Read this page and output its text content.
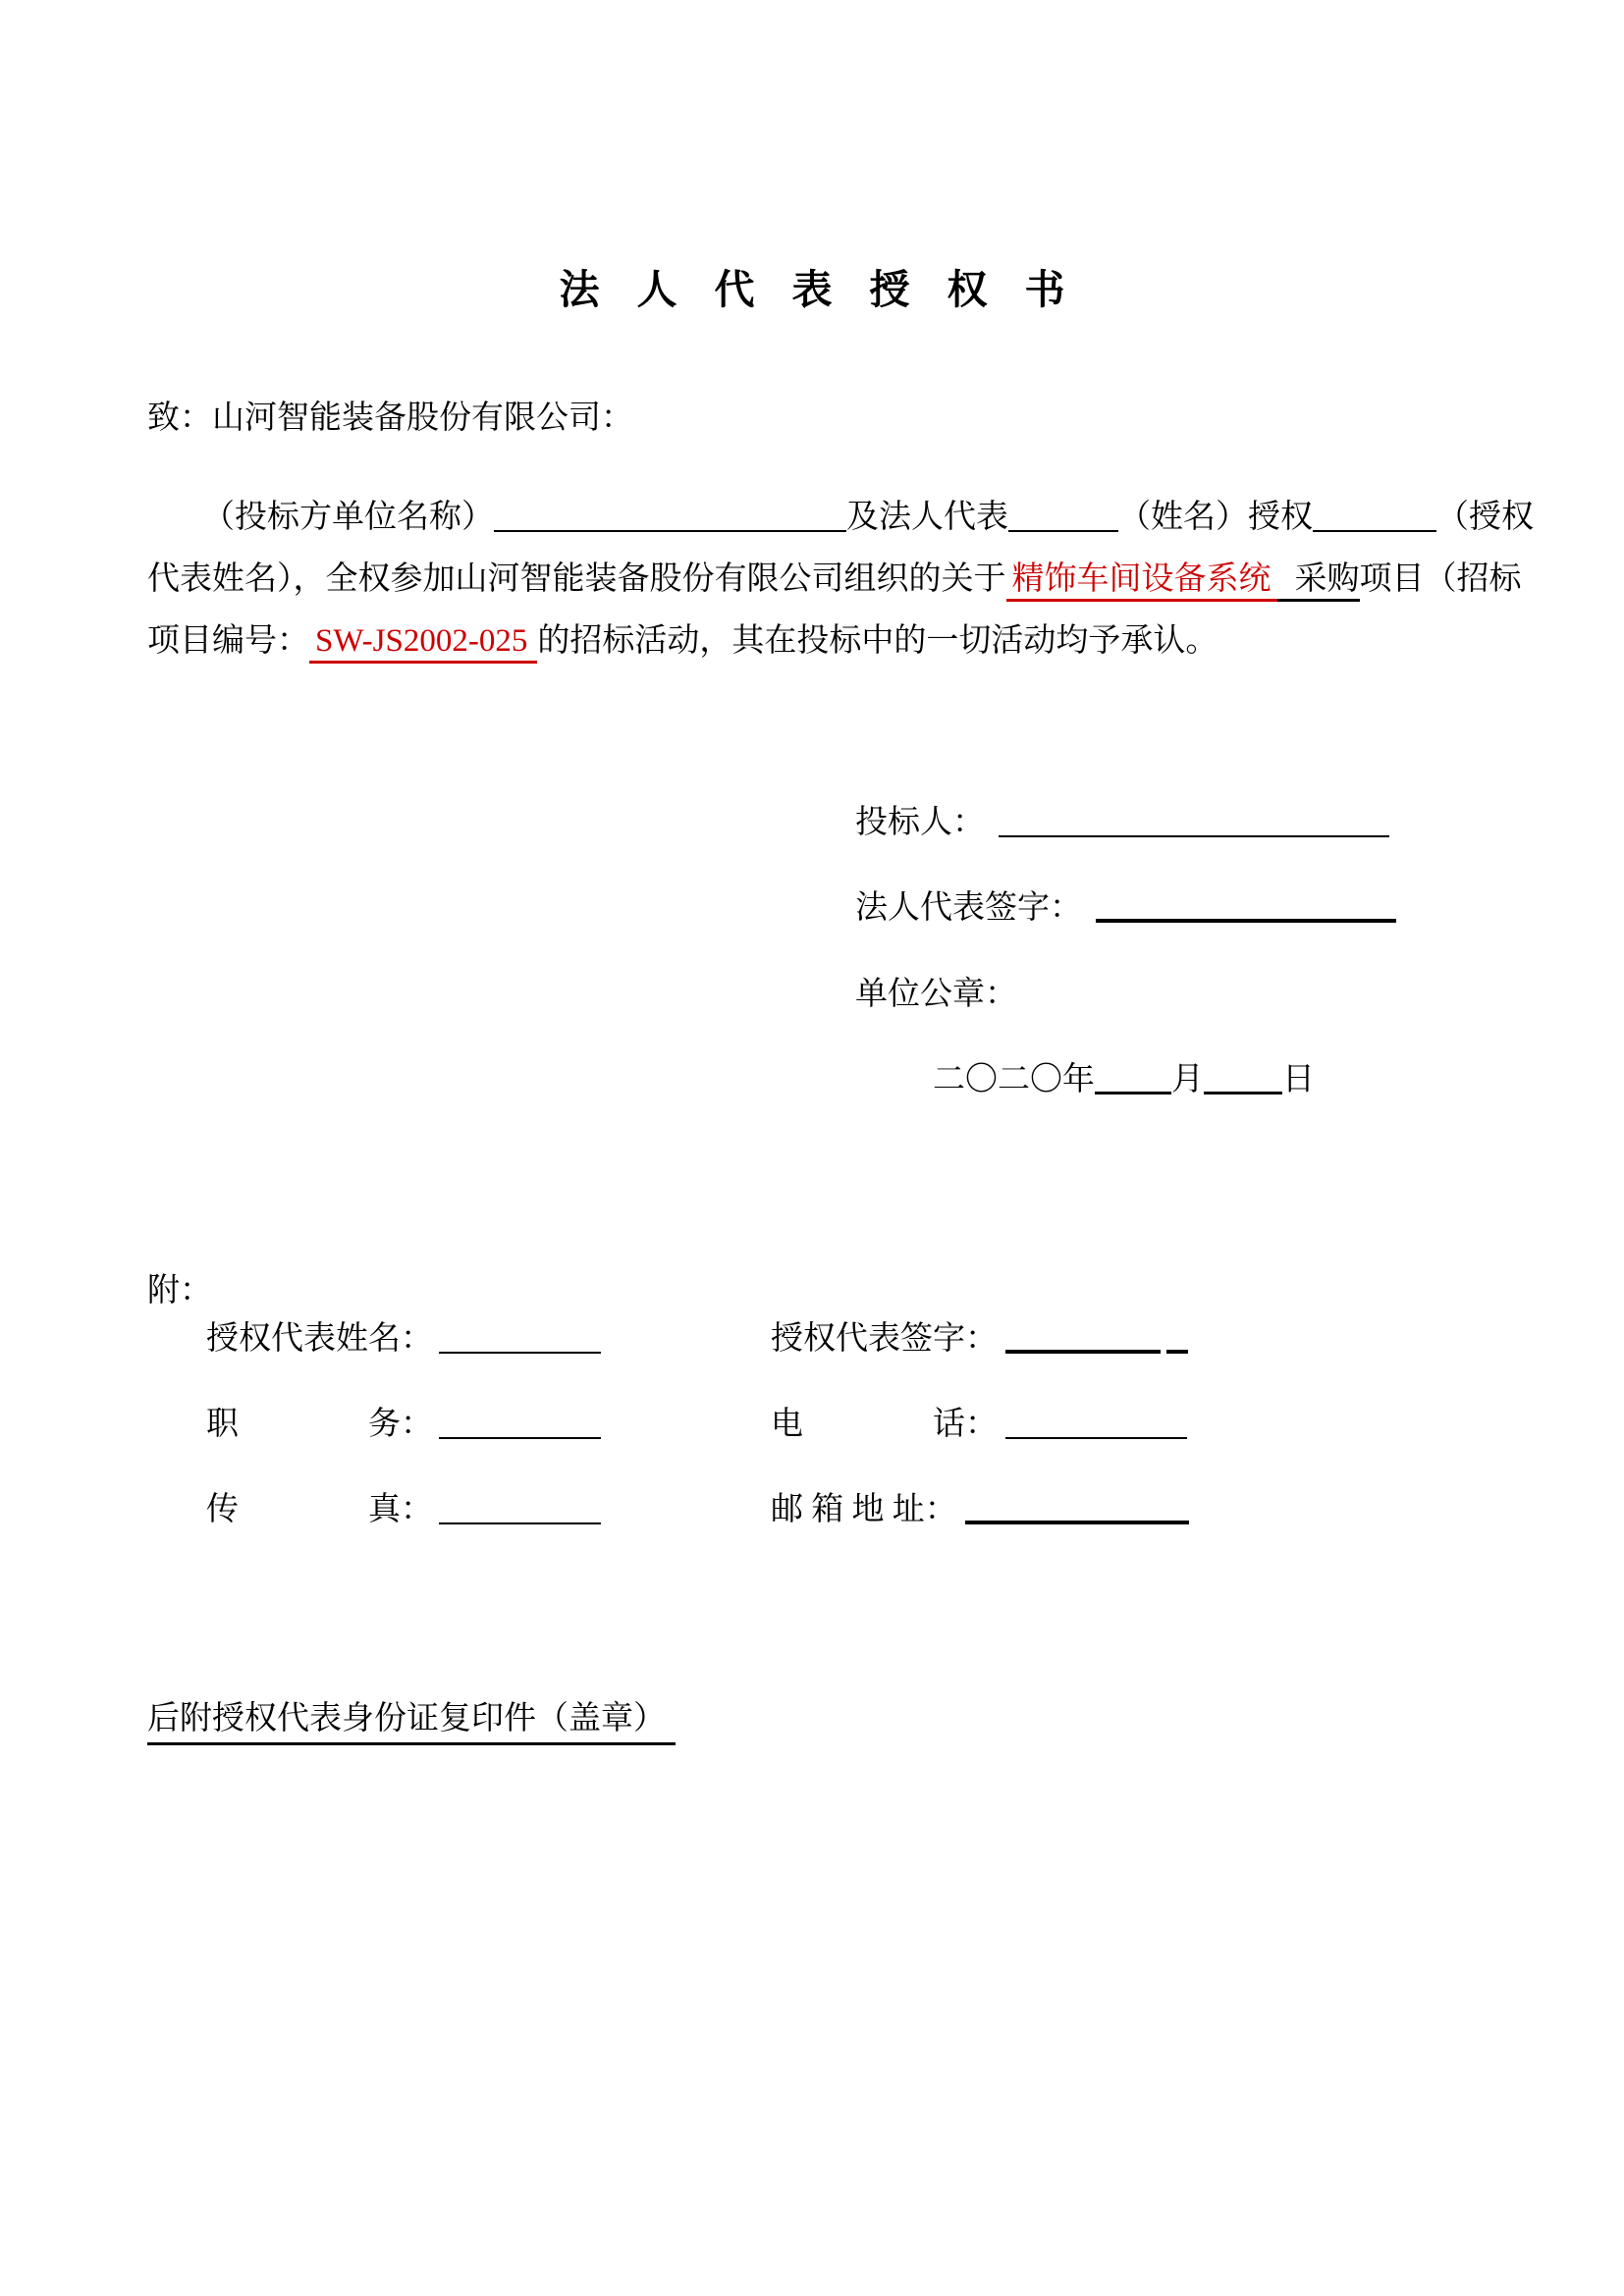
法人代表授权书
致：山河智能装备股份有限公司：
（投标方单位名称）	及法人代表	（姓名）授权	（授权
代表姓名），全权参加山河智能装备股份有限公司组织的关于 精饰车间设备系统 采购项目（招标
项目编号： SW-JS2002-025 的招标活动，其在投标中的一切活动均予承认。
投标人：
法人代表签字：
单位公章：
二〇二〇年 月 日
附：
授权代表姓名：	授权代表签字：
职　　　　务：	电　　　　话：
传　　　　真：	邮 箱 地 址：
后附授权代表身份证复印件（盖章）
